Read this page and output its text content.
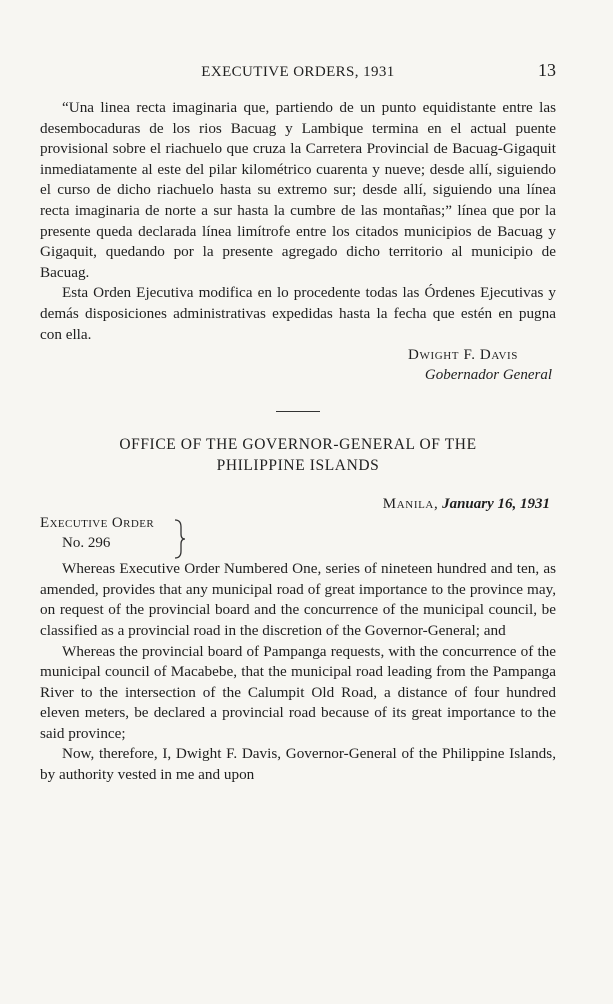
EXECUTIVE ORDERS, 1931	13

“Una linea recta imaginaria que, partiendo de un punto equidistante entre las desembocaduras de los rios Bacuag y Lambique termina en el actual puente provisional sobre el riachuelo que cruza la Carretera Provincial de Bacuag-Gigaquit inmediatamente al este del pilar kilométrico cuarenta y nueve; desde allí, siguiendo el curso de dicho riachuelo hasta su extremo sur; desde allí, siguiendo una línea recta imaginaria de norte a sur hasta la cumbre de las montañas;” línea que por la presente queda declarada línea limítrofe entre los citados municipios de Bacuag y Gigaquit, quedando por la presente agregado dicho territorio al municipio de Bacuag.

Esta Orden Ejecutiva modifica en lo procedente todas las Órdenes Ejecutivas y demás disposiciones administrativas expedidas hasta la fecha que estén en pugna con ella.

Dwight F. Davis
Gobernador General
OFFICE OF THE GOVERNOR-GENERAL OF THE
PHILIPPINE ISLANDS
Manila, January 16, 1931
Executive Order
No. 296

Whereas Executive Order Numbered One, series of nineteen hundred and ten, as amended, provides that any municipal road of great importance to the province may, on request of the provincial board and the concurrence of the municipal council, be classified as a provincial road in the discretion of the Governor-General; and

Whereas the provincial board of Pampanga requests, with the concurrence of the municipal council of Macabebe, that the municipal road leading from the Pampanga River to the intersection of the Calumpit Old Road, a distance of four hundred eleven meters, be declared a provincial road because of its great importance to the said province;

Now, therefore, I, Dwight F. Davis, Governor-General of the Philippine Islands, by authority vested in me and upon
